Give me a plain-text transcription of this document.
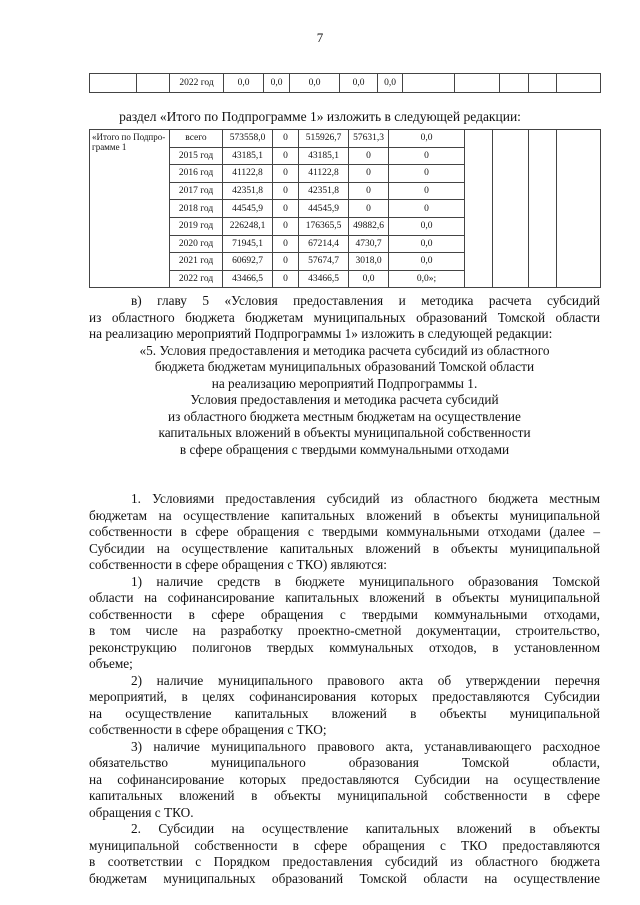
7
		2022 год	0,0	0,0	0,0	0,0	0,0					
раздел «Итого по Подпрограмме 1» изложить в следующей редакции:
«Итого по Подпро-грамме 1	всего	573558,0	0	515926,7	57631,3	0,0				
	2015 год	43185,1	0	43185,1	0	0				
	2016 год	41122,8	0	41122,8	0	0				
	2017 год	42351,8	0	42351,8	0	0				
	2018 год	44545,9	0	44545,9	0	0				
	2019 год	226248,1	0	176365,5	49882,6	0,0				
	2020 год	71945,1	0	67214,4	4730,7	0,0				
	2021 год	60692,7	0	57674,7	3018,0	0,0				
	2022 год	43466,5	0	43466,5	0,0	0,0»;				
в) главу 5 «Условия предоставления и методика расчета субсидий
из областного бюджета бюджетам муниципальных образований Томской области
на реализацию мероприятий Подпрограммы 1» изложить в следующей редакции:
«5. Условия предоставления и методика расчета субсидий из областного
бюджета бюджетам муниципальных образований Томской области
на реализацию мероприятий Подпрограммы 1.
Условия предоставления и методика расчета субсидий
из областного бюджета местным бюджетам на осуществление
капитальных вложений в объекты муниципальной собственности
в сфере обращения с твердыми коммунальными отходами
1. Условиями предоставления субсидий из областного бюджета местным
бюджетам на осуществление капитальных вложений в объекты муниципальной
собственности в сфере обращения с твердыми коммунальными отходами (далее –
Субсидии на осуществление капитальных вложений в объекты муниципальной
собственности в сфере обращения с ТКО) являются:
1) наличие средств в бюджете муниципального образования Томской
области на софинансирование капитальных вложений в объекты муниципальной
собственности в сфере обращения с твердыми коммунальными отходами,
в том числе на разработку проектно-сметной документации, строительство,
реконструкцию полигонов твердых коммунальных отходов, в установленном
объеме;
2) наличие муниципального правового акта об утверждении перечня
мероприятий, в целях софинансирования которых предоставляются Субсидии
на осуществление капитальных вложений в объекты муниципальной
собственности в сфере обращения с ТКО;
3) наличие муниципального правового акта, устанавливающего расходное
обязательство муниципального образования Томской области,
на софинансирование которых предоставляются Субсидии на осуществление
капитальных вложений в объекты муниципальной собственности в сфере
обращения с ТКО.
2. Субсидии на осуществление капитальных вложений в объекты
муниципальной собственности в сфере обращения с ТКО предоставляются
в соответствии с Порядком предоставления субсидий из областного бюджета
бюджетам муниципальных образований Томской области на осуществление
